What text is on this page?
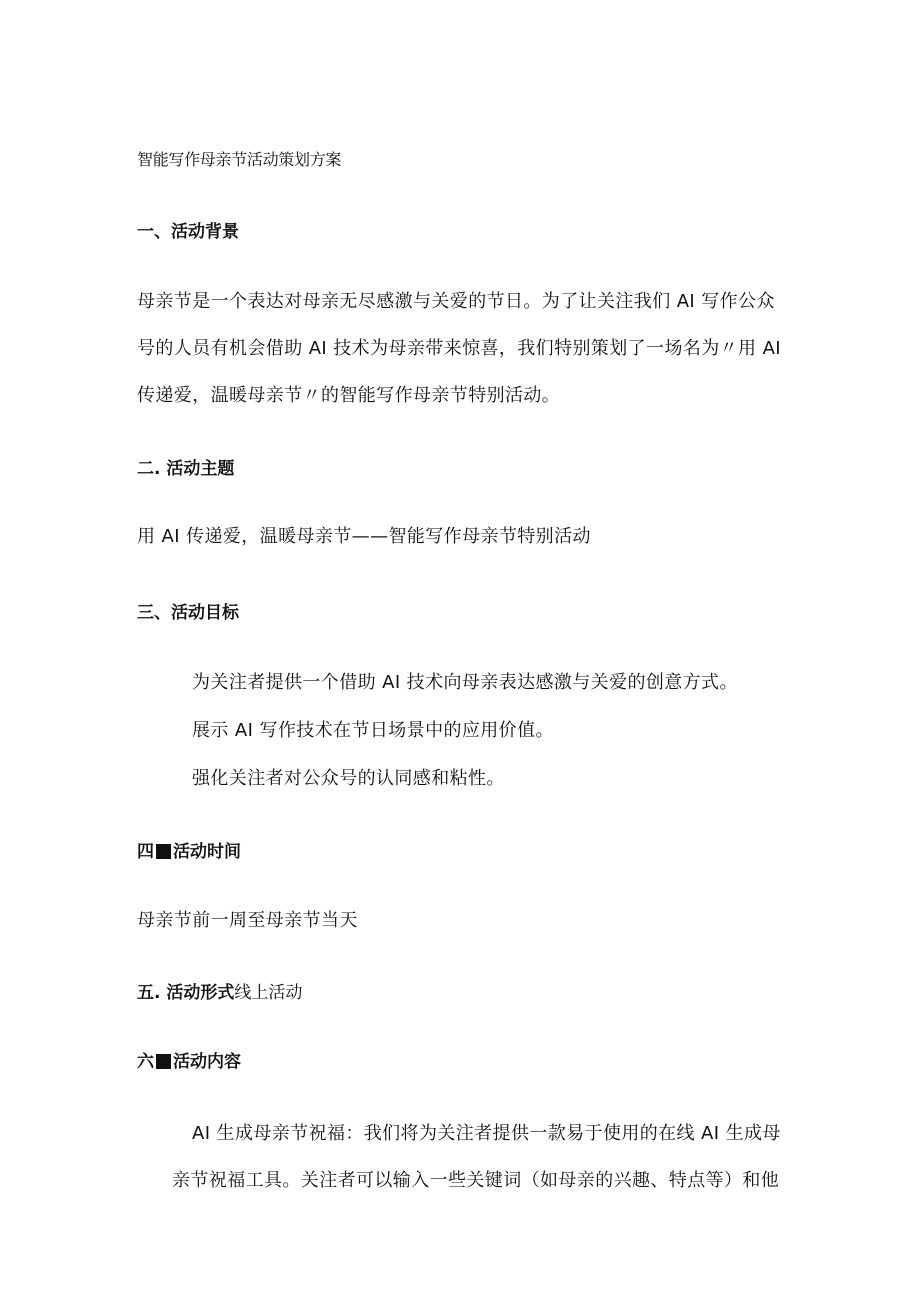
智能写作母亲节活动策划方案

一、活动背景

母亲节是一个表达对母亲无尽感激与关爱的节日。为了让关注我们 AI 写作公众

号的人员有机会借助 AI 技术为母亲带来惊喜，我们特别策划了一场名为〃用 AI

传递爱，温暖母亲节〃的智能写作母亲节特别活动。

二. 活动主题

用 AI 传递爱，温暖母亲节——智能写作母亲节特别活动

三、活动目标

为关注者提供一个借助 AI 技术向母亲表达感激与关爱的创意方式。

展示 AI 写作技术在节日场景中的应用价值。

强化关注者对公众号的认同感和粘性。

四 活动时间

母亲节前一周至母亲节当天

五. 活动形式线上活动

六 活动内容

AI 生成母亲节祝福：我们将为关注者提供一款易于使用的在线 AI 生成母

亲节祝福工具。关注者可以输入一些关键词（如母亲的兴趣、特点等）和他
